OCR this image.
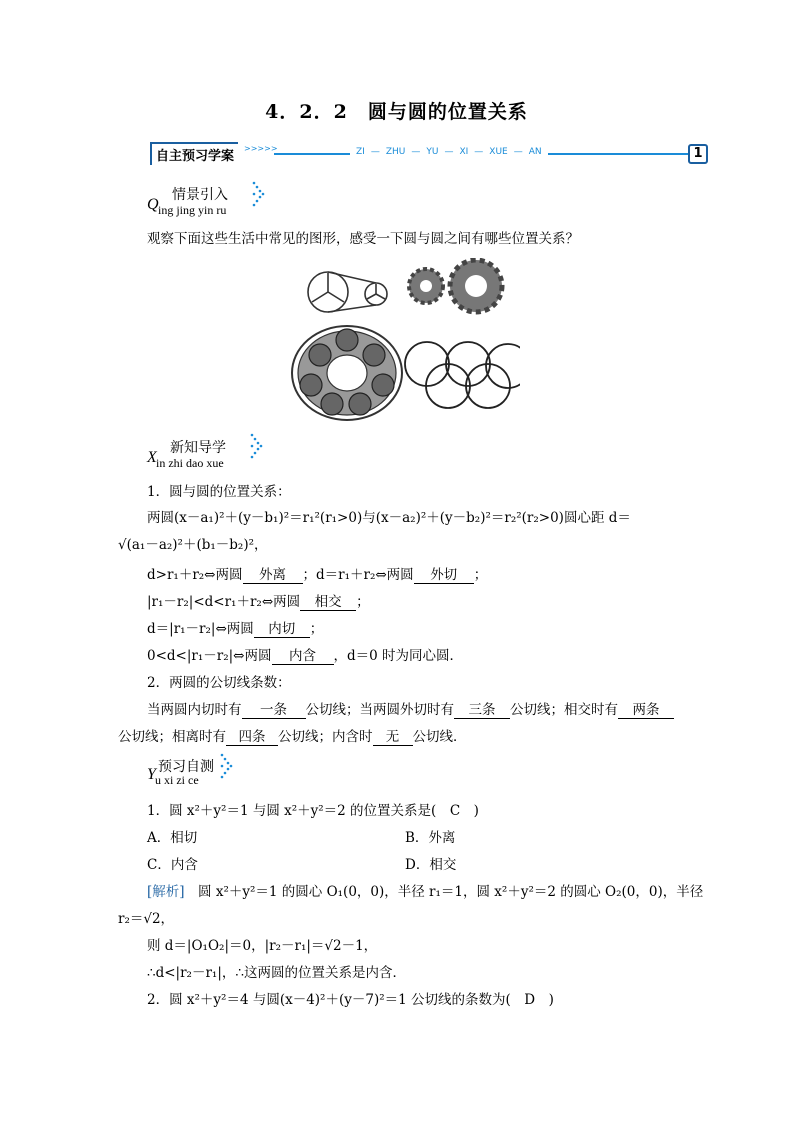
4．2．2　圆与圆的位置关系
自主预习学案
>>>>>	ZI — ZHU — YU — XI — XUE — AN	1
Q
情景引入
ing jing yin ru
观察下面这些生活中常见的图形，感受一下圆与圆之间有哪些位置关系？
X
新知导学
in zhi dao xue
1．圆与圆的位置关系：
两圆(x－a₁)²＋(y－b₁)²＝r₁²(r₁>0)与(x－a₂)²＋(y－b₂)²＝r₂²(r₂>0)圆心距 d＝
√(a₁－a₂)²＋(b₁－b₂)²，
d>r₁＋r₂⇔两圆 外离 ；d＝r₁＋r₂⇔两圆 外切 ；
|r₁－r₂|<d<r₁＋r₂⇔两圆 相交 ；
d＝|r₁－r₂|⇔两圆 内切 ；
0<d<|r₁－r₂|⇔两圆 内含 ，d＝0 时为同心圆．
2．两圆的公切线条数：
当两圆内切时有 一条 公切线；当两圆外切时有 三条 公切线；相交时有 两条
公切线；相离时有 四条 公切线；内含时 无 公切线．
Y 预习自测
u xi zi ce
1．圆 x²＋y²＝1 与圆 x²＋y²＝2 的位置关系是(　C　)
A．相切	B．外离
C．内含	D．相交
[解析]　圆 x²＋y²＝1 的圆心 O₁(0，0)，半径 r₁＝1，圆 x²＋y²＝2 的圆心 O₂(0，0)，半径
r₂＝√2，
则 d＝|O₁O₂|＝0，|r₂－r₁|＝√2－1，
∴d<|r₂－r₁|，∴这两圆的位置关系是内含．
2．圆 x²＋y²＝4 与圆(x－4)²＋(y－7)²＝1 公切线的条数为(　D　)
